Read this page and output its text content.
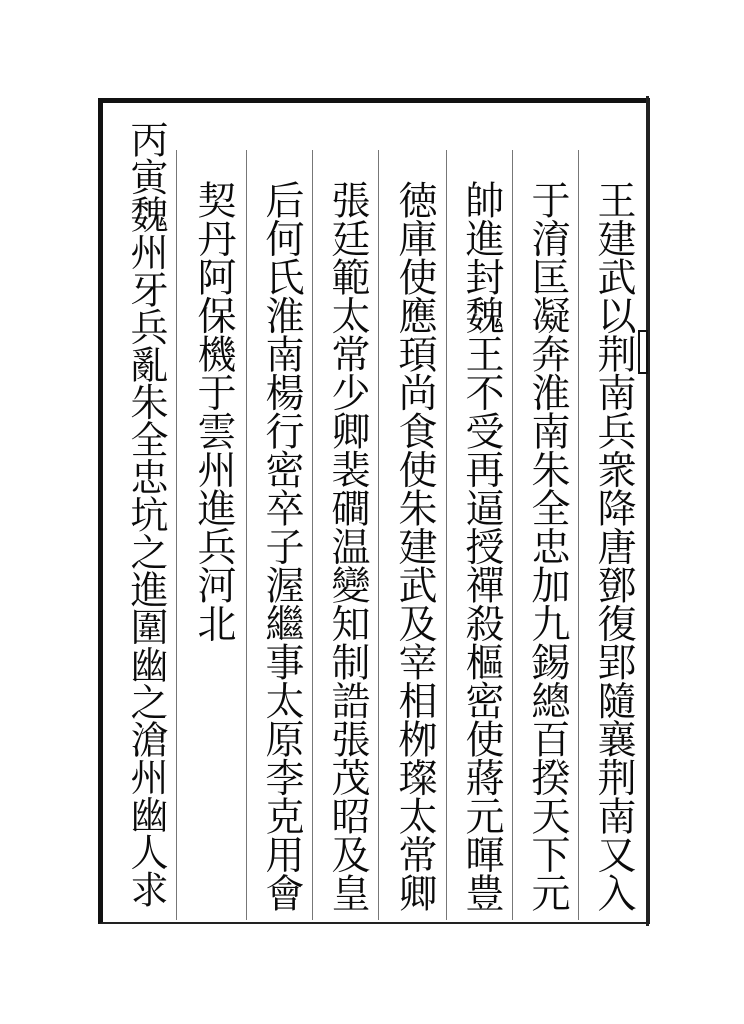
王建武以荆南兵衆降唐鄧復郢隨襄荆南又入
于淯匡凝奔淮南朱全忠加九錫總百揆天下元
帥進封魏王不受再逼授禪殺樞密使蔣元暉豊
徳庫使應頊尚食使朱建武及宰相栁璨太常卿
張廷範太常少卿裴磵温變知制誥張茂昭及皇
后何氏淮南楊行密卒子渥繼事太原李克用會
契丹阿保機于雲州進兵河北
丙寅魏州牙兵亂朱全忠坑之進圍幽之滄州幽人求
